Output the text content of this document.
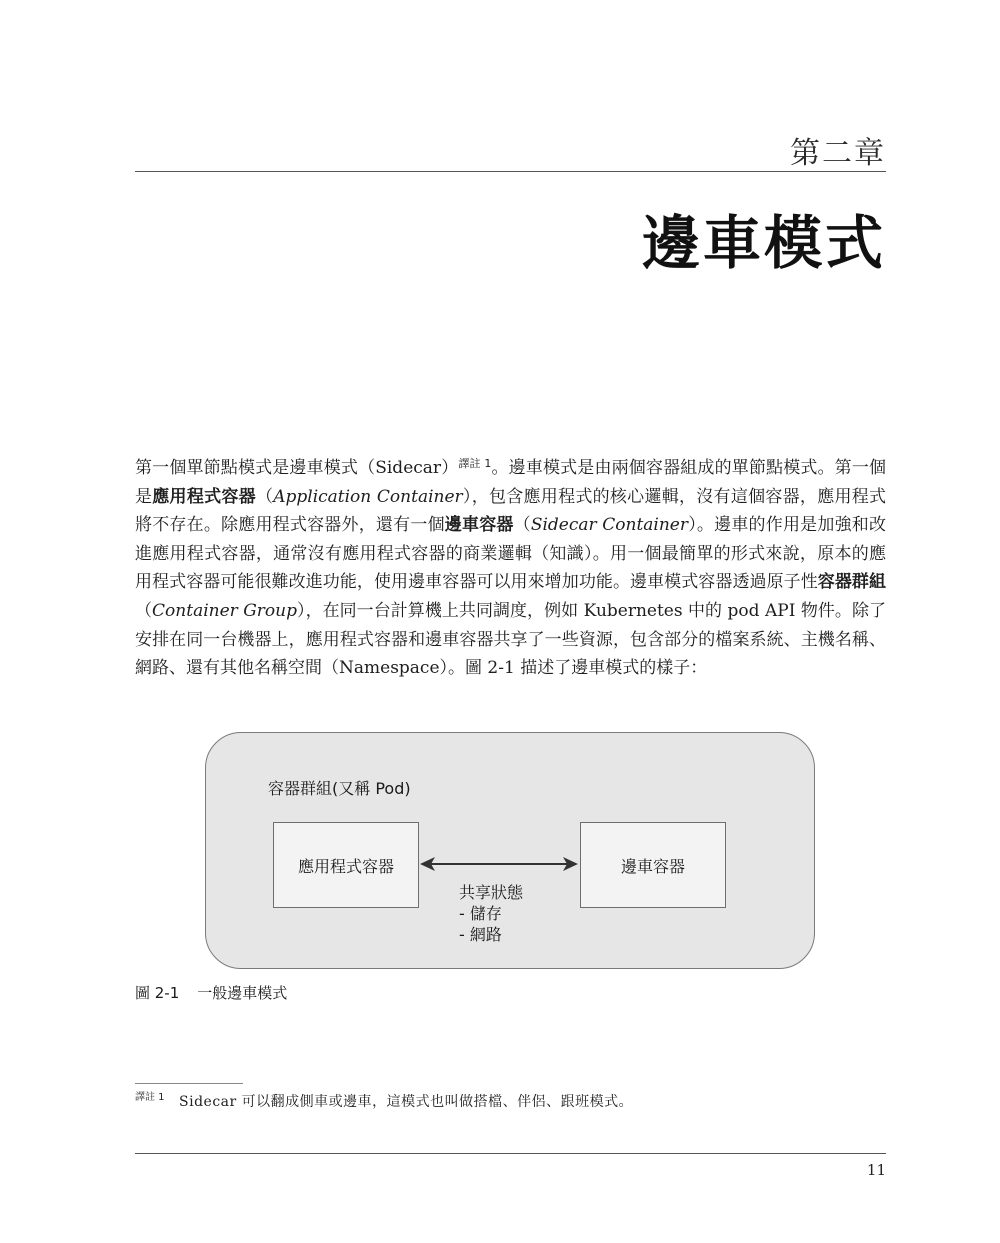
第二章
邊車模式

第一個單節點模式是邊車模式（Sidecar）$^{譯註 1}$。邊車模式是由兩個容器組成的單節點模式。第一個是應用程式容器（Application Container），包含應用程式的核心邏輯，沒有這個容器，應用程式將不存在。除應用程式容器外，還有一個邊車容器（Sidecar Container）。邊車的作用是加強和改進應用程式容器，通常沒有應用程式容器的商業邏輯（知識）。用一個最簡單的形式來說，原本的應用程式容器可能很難改進功能，使用邊車容器可以用來增加功能。邊車模式容器透過原子性容器群組（Container Group），在同一台計算機上共同調度，例如 Kubernetes 中的 pod API 物件。除了安排在同一台機器上，應用程式容器和邊車容器共享了一些資源，包含部分的檔案系統、主機名稱、網路、還有其他名稱空間（Namespace）。圖 2-1 描述了邊車模式的樣子：

容器群組(又稱 Pod)
應用程式容器	邊車容器
共享狀態
- 儲存
- 網路

圖 2-1 一般邊車模式

譯註 1 Sidecar 可以翻成側車或邊車，這模式也叫做搭檔、伴侶、跟班模式。
11
